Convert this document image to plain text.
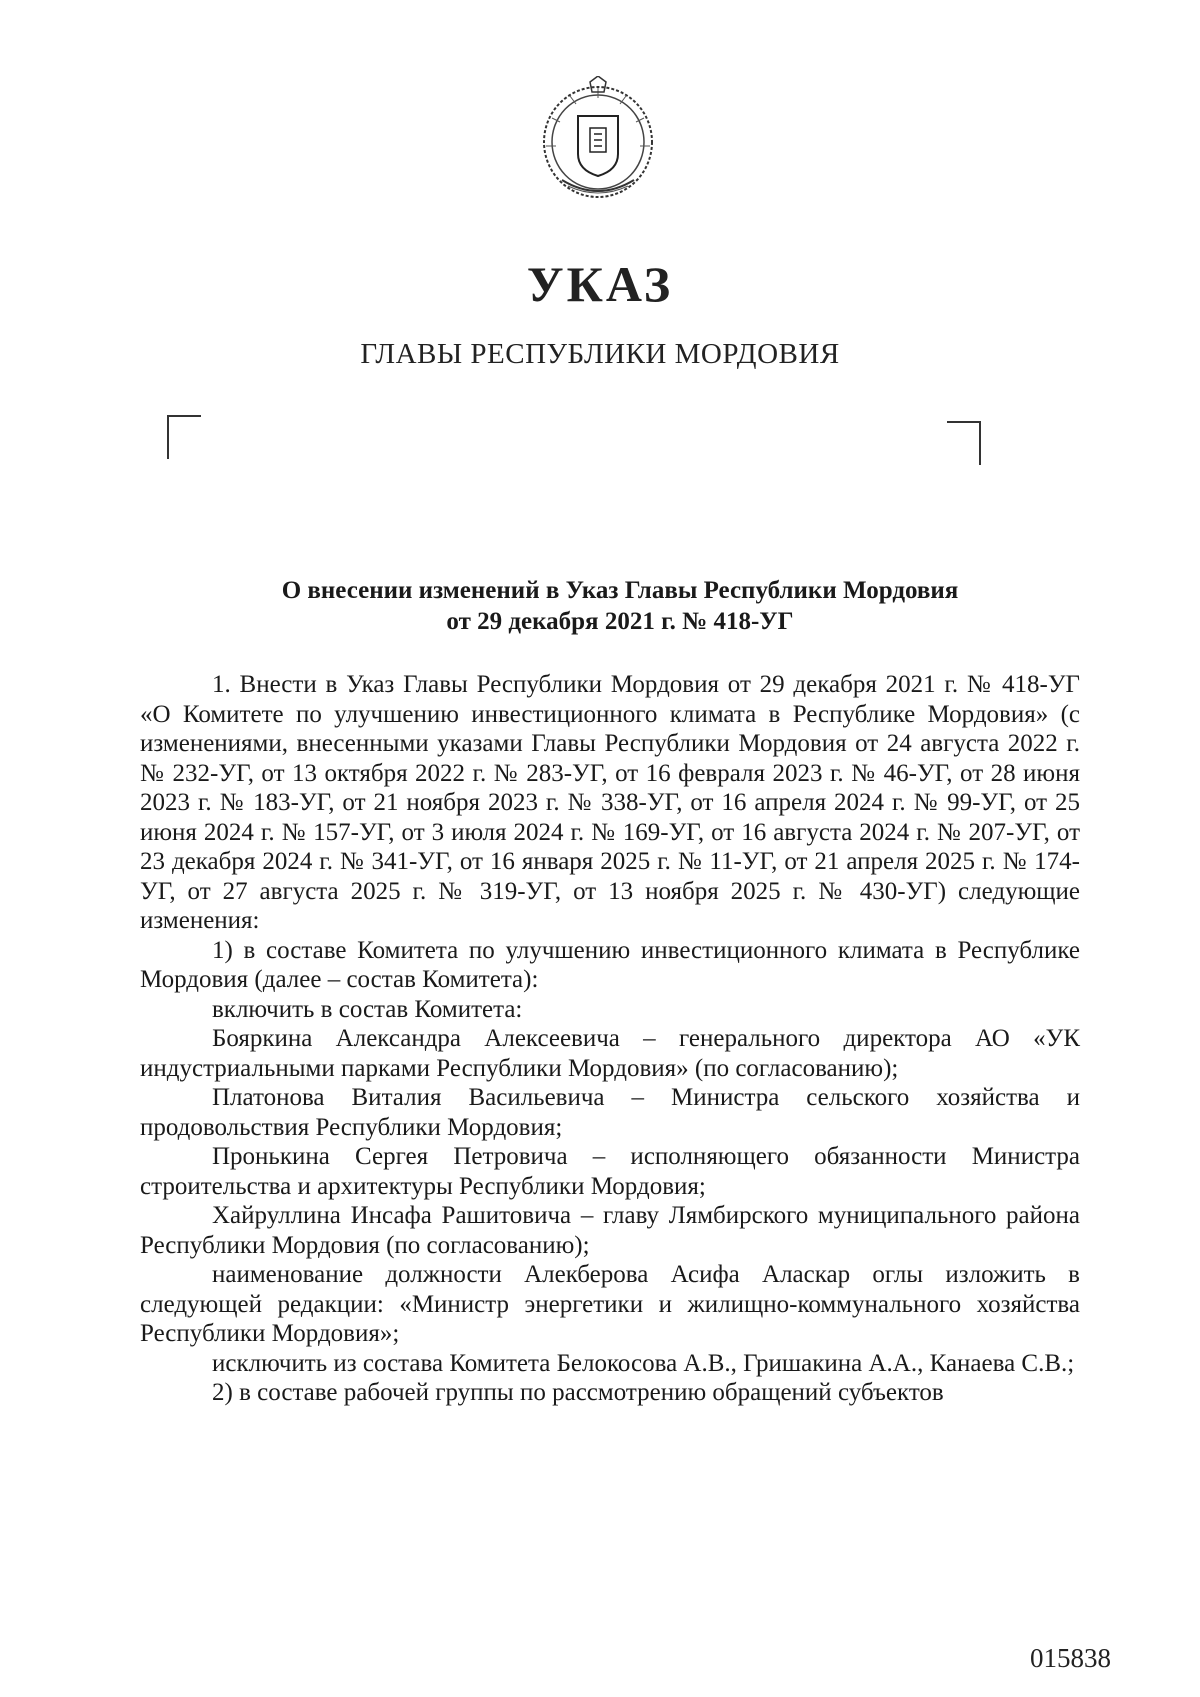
УКАЗ
ГЛАВЫ РЕСПУБЛИКИ МОРДОВИЯ
О внесении изменений в Указ Главы Республики Мордовия
от 29 декабря 2021 г. № 418-УГ

1. Внести в Указ Главы Республики Мордовия от 29 декабря 2021 г. № 418-УГ «О Комитете по улучшению инвестиционного климата в Республике Мордовия» (с изменениями, внесенными указами Главы Республики Мордовия от 24 августа 2022 г. № 232-УГ, от 13 октября 2022 г. № 283-УГ, от 16 февраля 2023 г. № 46-УГ, от 28 июня 2023 г. № 183-УГ, от 21 ноября 2023 г. № 338-УГ, от 16 апреля 2024 г. № 99-УГ, от 25 июня 2024 г. № 157-УГ, от 3 июля 2024 г. № 169-УГ, от 16 августа 2024 г. № 207-УГ, от 23 декабря 2024 г. № 341-УГ, от 16 января 2025 г. № 11-УГ, от 21 апреля 2025 г. № 174-УГ, от 27 августа 2025 г. № 319-УГ, от 13 ноября 2025 г. № 430-УГ) следующие изменения:

1) в составе Комитета по улучшению инвестиционного климата в Республике Мордовия (далее – состав Комитета):

включить в состав Комитета:

Бояркина Александра Алексеевича – генерального директора АО «УК индустриальными парками Республики Мордовия» (по согласованию);

Платонова Виталия Васильевича – Министра сельского хозяйства и продовольствия Республики Мордовия;

Пронькина Сергея Петровича – исполняющего обязанности Министра строительства и архитектуры Республики Мордовия;

Хайруллина Инсафа Рашитовича – главу Лямбирского муниципального района Республики Мордовия (по согласованию);

наименование должности Алекберова Асифа Аласкар оглы изложить в следующей редакции: «Министр энергетики и жилищно-коммунального хозяйства Республики Мордовия»;

исключить из состава Комитета Белокосова А.В., Гришакина А.А., Канаева С.В.;

2) в составе рабочей группы по рассмотрению обращений субъектов

015838
